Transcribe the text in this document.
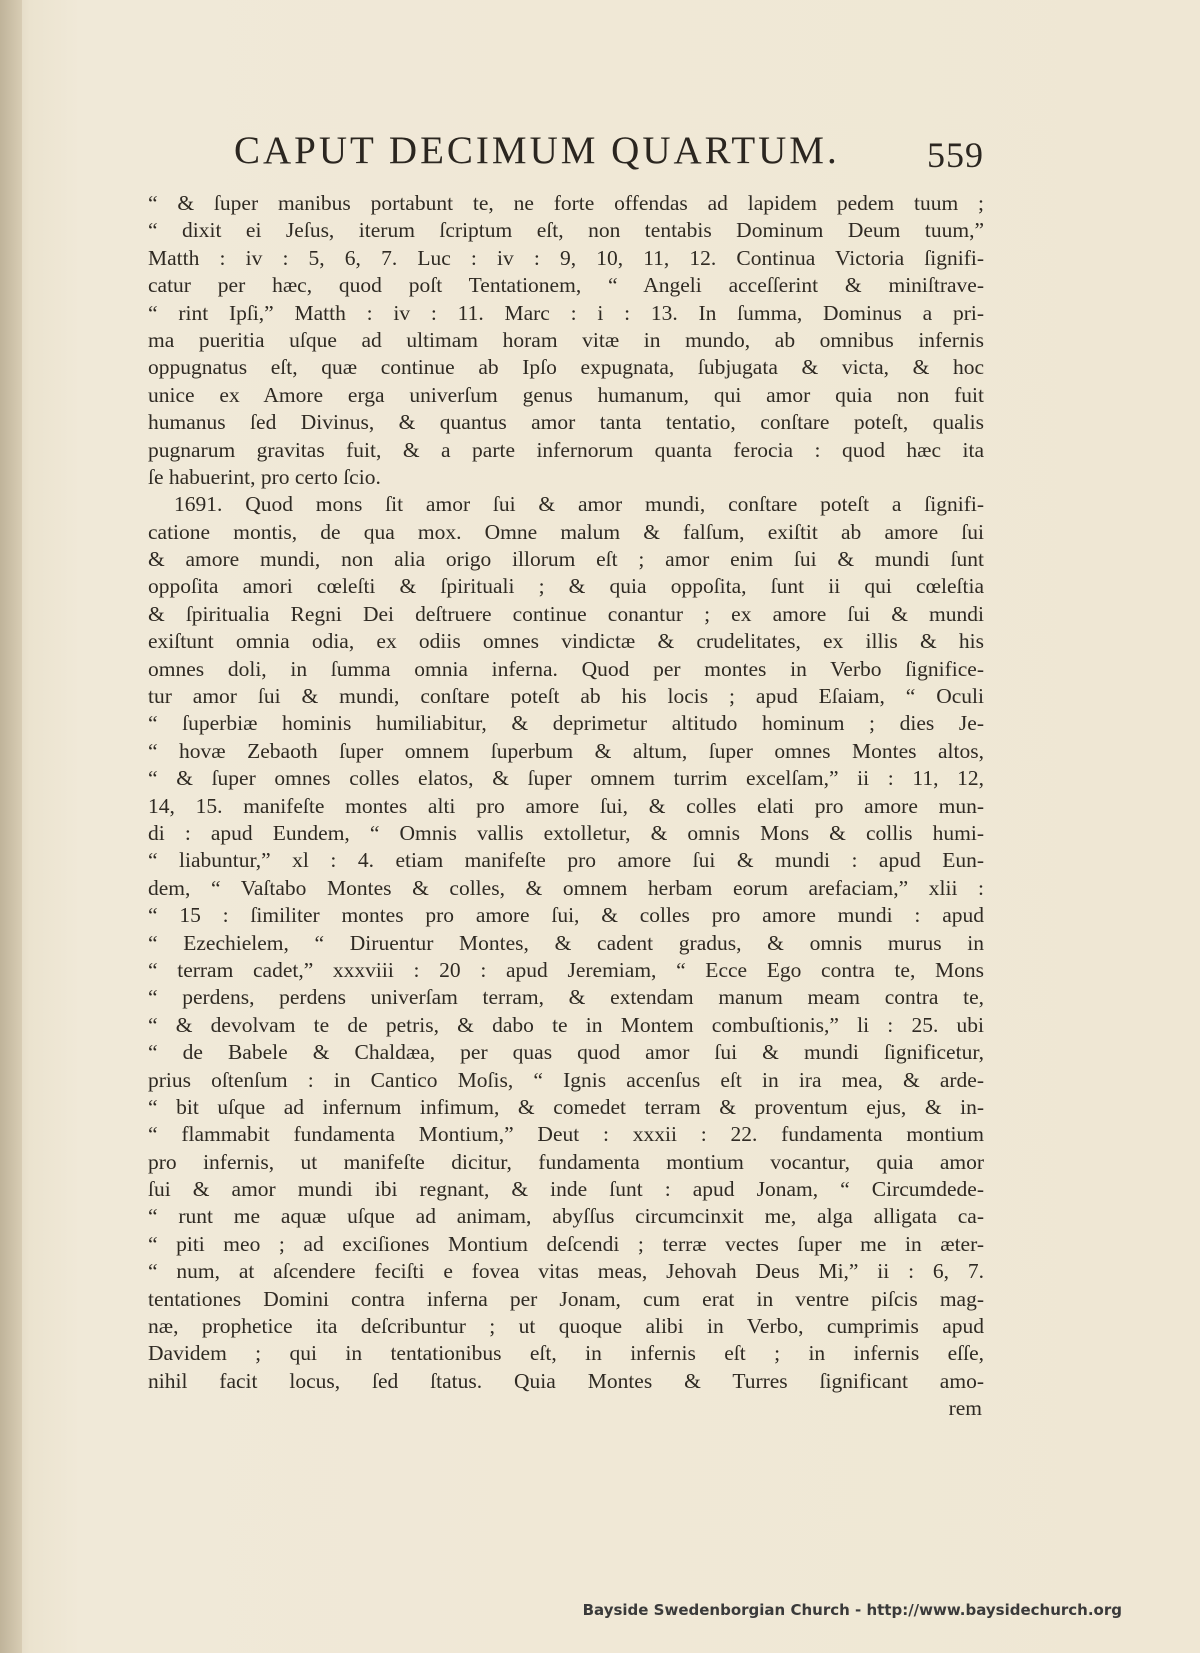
CAPUT DECIMUM QUARTUM. 559
“ & ſuper manibus portabunt te, ne forte offendas ad lapidem pedem tuum ;
“ dixit ei Jeſus, iterum ſcriptum eſt, non tentabis Dominum Deum tuum,”
Matth : iv : 5, 6, 7. Luc : iv : 9, 10, 11, 12. Continua Victoria ſignifi-
catur per hæc, quod poſt Tentationem, “ Angeli acceſſerint & miniſtrave-
“ rint Ipſi,” Matth : iv : 11. Marc : i : 13. In ſumma, Dominus a pri-
ma pueritia uſque ad ultimam horam vitæ in mundo, ab omnibus infernis
oppugnatus eſt, quæ continue ab Ipſo expugnata, ſubjugata & victa, & hoc
unice ex Amore erga univerſum genus humanum, qui amor quia non fuit
humanus ſed Divinus, & quantus amor tanta tentatio, conſtare poteſt, qualis
pugnarum gravitas fuit, & a parte infernorum quanta ferocia : quod hæc ita
ſe habuerint, pro certo ſcio.
1691. Quod mons ſit amor ſui & amor mundi, conſtare poteſt a ſignifi-
catione montis, de qua mox. Omne malum & falſum, exiſtit ab amore ſui
& amore mundi, non alia origo illorum eſt ; amor enim ſui & mundi ſunt
oppoſita amori cœleſti & ſpirituali ; & quia oppoſita, ſunt ii qui cœleſtia
& ſpiritualia Regni Dei deſtruere continue conantur ; ex amore ſui & mundi
exiſtunt omnia odia, ex odiis omnes vindictæ & crudelitates, ex illis & his
omnes doli, in ſumma omnia inferna. Quod per montes in Verbo ſignifice-
tur amor ſui & mundi, conſtare poteſt ab his locis ; apud Eſaiam, “ Oculi
“ ſuperbiæ hominis humiliabitur, & deprimetur altitudo hominum ; dies Je-
“ hovæ Zebaoth ſuper omnem ſuperbum & altum, ſuper omnes Montes altos,
“ & ſuper omnes colles elatos, & ſuper omnem turrim excelſam,” ii : 11, 12,
14, 15. manifeſte montes alti pro amore ſui, & colles elati pro amore mun-
di : apud Eundem, “ Omnis vallis extolletur, & omnis Mons & collis humi-
“ liabuntur,” xl : 4. etiam manifeſte pro amore ſui & mundi : apud Eun-
dem, “ Vaſtabo Montes & colles, & omnem herbam eorum arefaciam,” xlii :
“ 15 : ſimiliter montes pro amore ſui, & colles pro amore mundi : apud
“ Ezechielem, “ Diruentur Montes, & cadent gradus, & omnis murus in
“ terram cadet,” xxxviii : 20 : apud Jeremiam, “ Ecce Ego contra te, Mons
“ perdens, perdens univerſam terram, & extendam manum meam contra te,
“ & devolvam te de petris, & dabo te in Montem combuſtionis,” li : 25. ubi
“ de Babele & Chaldæa, per quas quod amor ſui & mundi ſignificetur,
prius oſtenſum : in Cantico Moſis, “ Ignis accenſus eſt in ira mea, & arde-
“ bit uſque ad infernum infimum, & comedet terram & proventum ejus, & in-
“ flammabit fundamenta Montium,” Deut : xxxii : 22. fundamenta montium
pro infernis, ut manifeſte dicitur, fundamenta montium vocantur, quia amor
ſui & amor mundi ibi regnant, & inde ſunt : apud Jonam, “ Circumdede-
“ runt me aquæ uſque ad animam, abyſſus circumcinxit me, alga alligata ca-
“ piti meo ; ad exciſiones Montium deſcendi ; terræ vectes ſuper me in æter-
“ num, at aſcendere feciſti e fovea vitas meas, Jehovah Deus Mi,” ii : 6, 7.
tentationes Domini contra inferna per Jonam, cum erat in ventre piſcis mag-
næ, prophetice ita deſcribuntur ; ut quoque alibi in Verbo, cumprimis apud
Davidem ; qui in tentationibus eſt, in infernis eſt ; in infernis eſſe,
nihil facit locus, ſed ſtatus. Quia Montes & Turres ſignificant amo-
rem
Bayside Swedenborgian Church - http://www.baysidechurch.org
